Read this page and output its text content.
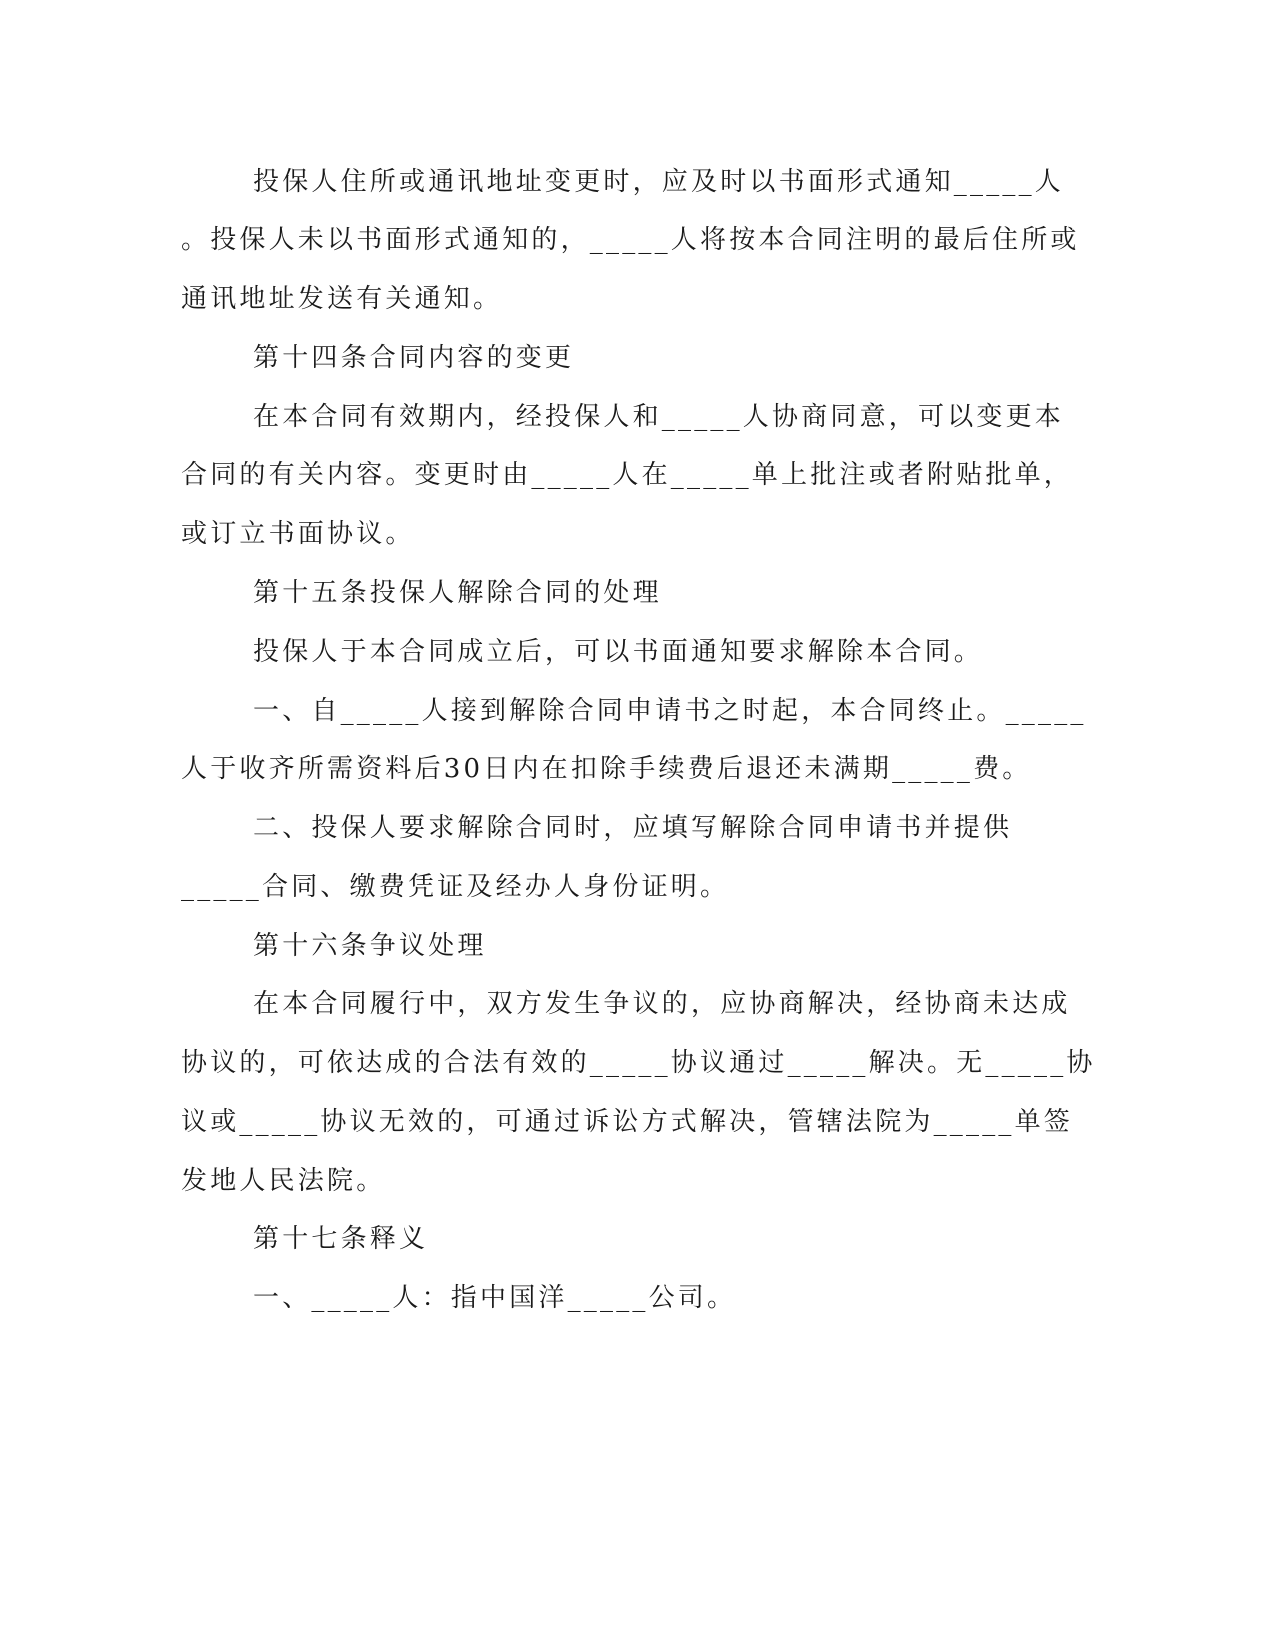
投保人住所或通讯地址变更时，应及时以书面形式通知_____人

。投保人未以书面形式通知的，_____人将按本合同注明的最后住所或

通讯地址发送有关通知。

第十四条合同内容的变更

在本合同有效期内，经投保人和_____人协商同意，可以变更本

合同的有关内容。变更时由_____人在_____单上批注或者附贴批单，

或订立书面协议。

第十五条投保人解除合同的处理

投保人于本合同成立后，可以书面通知要求解除本合同。

一、自_____人接到解除合同申请书之时起，本合同终止。_____

人于收齐所需资料后30日内在扣除手续费后退还未满期_____费。

二、投保人要求解除合同时，应填写解除合同申请书并提供

_____合同、缴费凭证及经办人身份证明。

第十六条争议处理

在本合同履行中，双方发生争议的，应协商解决，经协商未达成

协议的，可依达成的合法有效的_____协议通过_____解决。无_____协

议或_____协议无效的，可通过诉讼方式解决，管辖法院为_____单签

发地人民法院。

第十七条释义

一、_____人：指中国洋_____公司。
